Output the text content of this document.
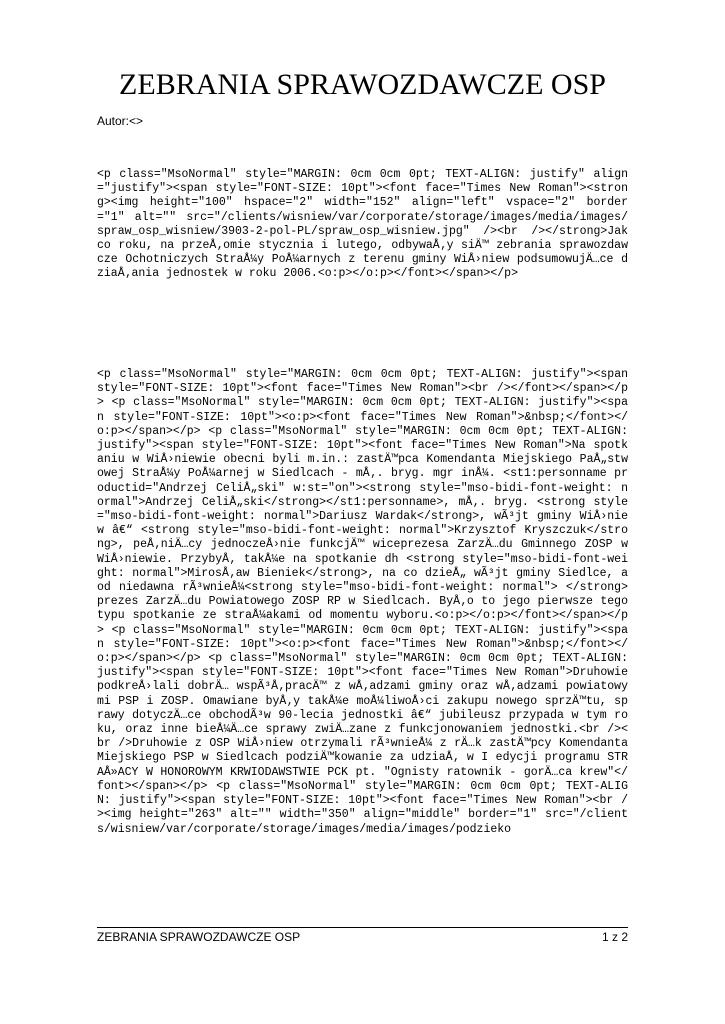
ZEBRANIA SPRAWOZDAWCZE OSP
Autor:<>

<p class="MsoNormal" style="MARGIN: 0cm 0cm 0pt; TEXT-ALIGN: justify" align="justify"><span style="FONT-SIZE: 10pt"><font face="Times New Roman"><strong><img height="100" hspace="2" width="152" align="left" vspace="2" border="1" alt="" src="/clients/wisniew/var/corporate/storage/images/media/images/spraw_osp_wisniew/3903-2-pol-PL/spraw_osp_wisniew.jpg" /><br /></strong>Jak co roku, na przeÅ‚omie stycznia i lutego, odbywaÅ‚y siÄ™ zebrania sprawozdawcze Ochotniczych StraÅ¼y PoÅ¼arnych z terenu gminy WiÅ›niew podsumowujÄ…ce dziaÅ‚ania jednostek w roku 2006.<o:p></o:p></font></span></p>

<p class="MsoNormal" style="MARGIN: 0cm 0cm 0pt; TEXT-ALIGN: justify"><span style="FONT-SIZE: 10pt"><font face="Times New Roman"><br /></font></span></p> <p class="MsoNormal" style="MARGIN: 0cm 0cm 0pt; TEXT-ALIGN: justify"><span style="FONT-SIZE: 10pt"><o:p><font face="Times New Roman">&nbsp;</font></o:p></span></p> <p class="MsoNormal" style="MARGIN: 0cm 0cm 0pt; TEXT-ALIGN: justify"><span style="FONT-SIZE: 10pt"><font face="Times New Roman">Na spotkaniu w WiÅ›niewie obecni byli m.in.: zastÄ™pca Komendanta Miejskiego PaÅ„stwowej StraÅ¼y PoÅ¼arnej w Siedlcach - mÅ‚. bryg. mgr inÅ¼. <st1:personname productid="Andrzej CeliÅ„ski" w:st="on"><strong style="mso-bidi-font-weight: normal">Andrzej CeliÅ„ski</strong></st1:personname>, mÅ‚. bryg. <strong style="mso-bidi-font-weight: normal">Dariusz Wardak</strong>, wÃ³jt gminy WiÅ›niew â€“ <strong style="mso-bidi-font-weight: normal">Krzysztof Kryszczuk</strong>, peÅ‚niÄ…cy jednoczeÅ›nie funkcjÄ™ wiceprezesa ZarzÄ…du Gminnego ZOSP w WiÅ›niewie. PrzybyÅ‚ takÅ¼e na spotkanie dh <strong style="mso-bidi-font-weight: normal">MirosÅ‚aw Bieniek</strong>, na co dzieÅ„ wÃ³jt gminy Siedlce, a od niedawna rÃ³wnieÅ¼<strong style="mso-bidi-font-weight: normal"> </strong>prezes ZarzÄ…du Powiatowego ZOSP RP w Siedlcach. ByÅ‚o to jego pierwsze tego typu spotkanie ze straÅ¼akami od momentu wyboru.<o:p></o:p></font></span></p> <p class="MsoNormal" style="MARGIN: 0cm 0cm 0pt; TEXT-ALIGN: justify"><span style="FONT-SIZE: 10pt"><o:p><font face="Times New Roman">&nbsp;</font></o:p></span></p> <p class="MsoNormal" style="MARGIN: 0cm 0cm 0pt; TEXT-ALIGN: justify"><span style="FONT-SIZE: 10pt"><font face="Times New Roman">Druhowie podkreÅ›lali dobrÄ… wspÃ³Å‚pracÄ™ z wÅ‚adzami gminy oraz wÅ‚adzami powiatowymi PSP i ZOSP. Omawiane byÅ‚y takÅ¼e moÅ¼liwoÅ›ci zakupu nowego sprzÄ™tu, sprawy dotyczÄ…ce obchodÃ³w 90-lecia jednostki â€“ jubileusz przypada w tym roku, oraz inne bieÅ¼Ä…ce sprawy zwiÄ…zane z funkcjonowaniem jednostki.<br /><br />Druhowie z OSP WiÅ›niew otrzymali rÃ³wnieÅ¼ z rÄ…k zastÄ™pcy Komendanta Miejskiego PSP w Siedlcach podziÄ™kowanie za udziaÅ‚ w I edycji programu STRAÅ»ACY W HONOROWYM KRWIODAWSTWIE PCK pt. "Ognisty ratownik - gorÄ…ca krew"</font></span></p> <p class="MsoNormal" style="MARGIN: 0cm 0cm 0pt; TEXT-ALIGN: justify"><span style="FONT-SIZE: 10pt"><font face="Times New Roman"><br /><img height="263" alt="" width="350" align="middle" border="1" src="/clients/wisniew/var/corporate/storage/images/media/images/podzieko

ZEBRANIA SPRAWOZDAWCZE OSP	1 z 2
